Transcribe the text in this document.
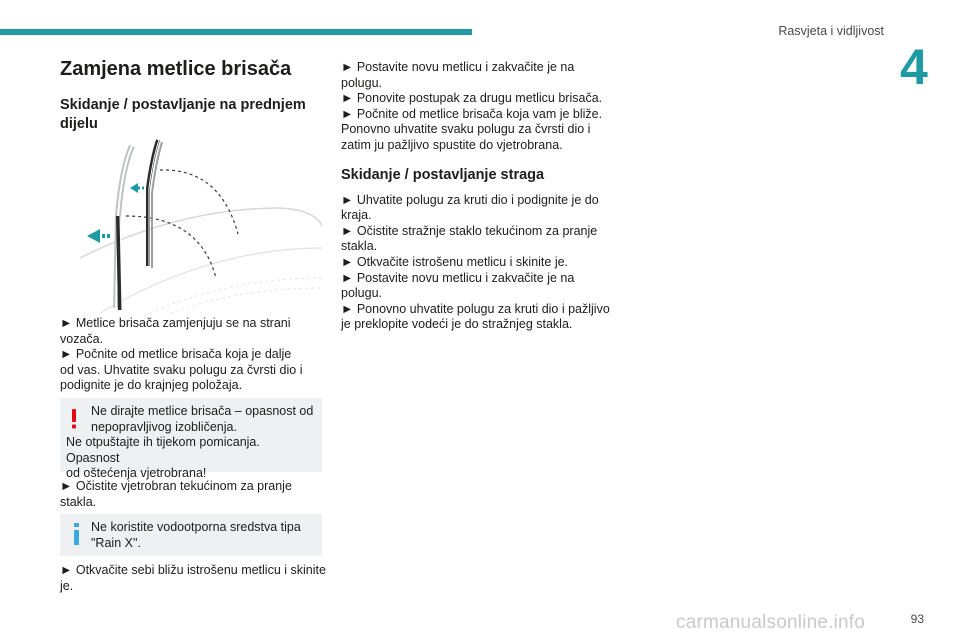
Rasvjeta i vidljivost
4
Zamjena metlice brisača

Skidanje / postavljanje na prednjem dijelu

► Metlice brisača zamjenjuju se na strani

vozača.

► Počnite od metlice brisača koja je dalje

od vas. Uhvatite svaku polugu za čvrsti dio i

podignite je do krajnjeg položaja.

Ne dirajte metlice brisača – opasnost od

nepopravljivog izobličenja.

Ne otpuštajte ih tijekom pomicanja. Opasnost

od oštećenja vjetrobrana!

► Očistite vjetrobran tekućinom za pranje

stakla.

Ne koristite vodootporna sredstva tipa

"Rain X".

► Otkvačite sebi bližu istrošenu metlicu i skinite

je.

► Postavite novu metlicu i zakvačite je na

polugu.

► Ponovite postupak za drugu metlicu brisača.

► Počnite od metlice brisača koja vam je bliže.

Ponovno uhvatite svaku polugu za čvrsti dio i

zatim ju pažljivo spustite do vjetrobrana.

Skidanje / postavljanje straga

► Uhvatite polugu za kruti dio i podignite je do

kraja.

► Očistite stražnje staklo tekućinom za pranje

stakla.

► Otkvačite istrošenu metlicu i skinite je.

► Postavite novu metlicu i zakvačite je na

polugu.

► Ponovno uhvatite polugu za kruti dio i pažljivo

je preklopite vodeći je do stražnjeg stakla.

carmanualsonline.info	93
